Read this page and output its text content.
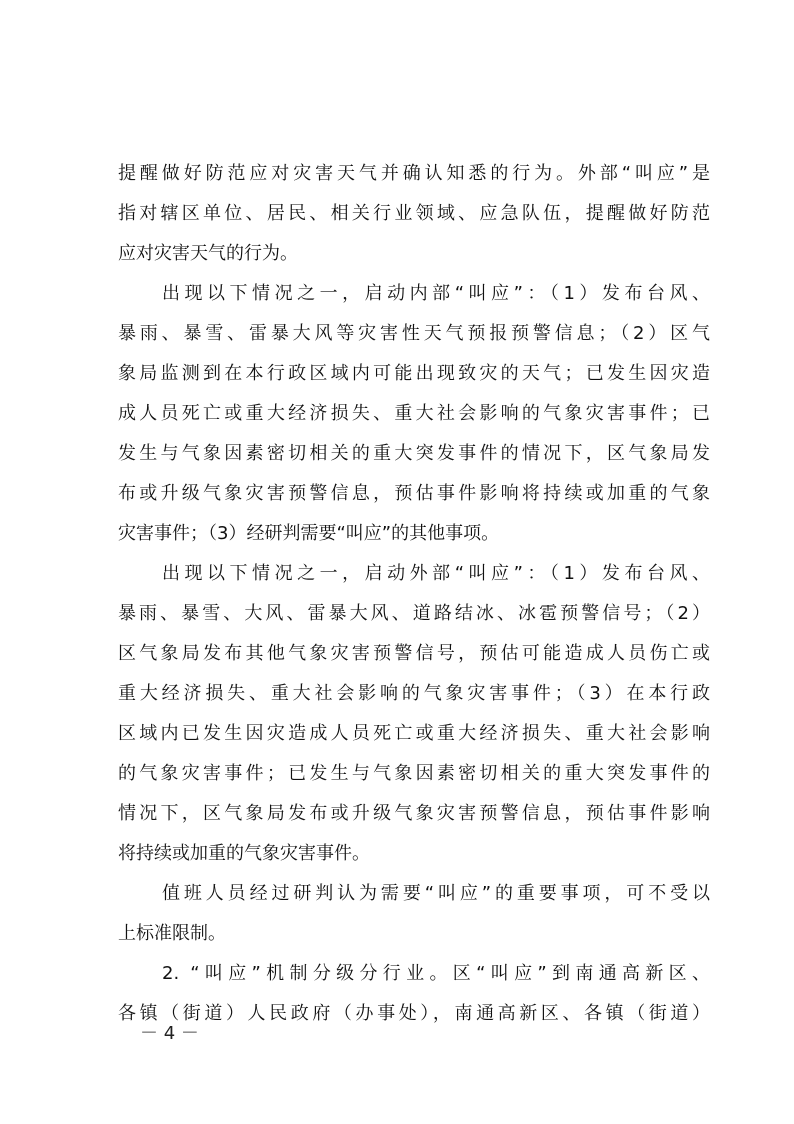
提醒做好防范应对灾害天气并确认知悉的行为。外部“叫应”是
指对辖区单位、居民、相关行业领域、应急队伍，提醒做好防范
应对灾害天气的行为。
出现以下情况之一，启动内部“叫应”：（1）发布台风、
暴雨、暴雪、雷暴大风等灾害性天气预报预警信息；（2）区气
象局监测到在本行政区域内可能出现致灾的天气；已发生因灾造
成人员死亡或重大经济损失、重大社会影响的气象灾害事件；已
发生与气象因素密切相关的重大突发事件的情况下，区气象局发
布或升级气象灾害预警信息，预估事件影响将持续或加重的气象
灾害事件；（3）经研判需要“叫应”的其他事项。
出现以下情况之一，启动外部“叫应”：（1）发布台风、
暴雨、暴雪、大风、雷暴大风、道路结冰、冰雹预警信号；（2）
区气象局发布其他气象灾害预警信号，预估可能造成人员伤亡或
重大经济损失、重大社会影响的气象灾害事件；（3）在本行政
区域内已发生因灾造成人员死亡或重大经济损失、重大社会影响
的气象灾害事件；已发生与气象因素密切相关的重大突发事件的
情况下，区气象局发布或升级气象灾害预警信息，预估事件影响
将持续或加重的气象灾害事件。
值班人员经过研判认为需要“叫应”的重要事项，可不受以
上标准限制。
2. “叫应”机制分级分行业。区“叫应”到南通高新区、
各镇（街道）人民政府（办事处），南通高新区、各镇（街道）
－ 4 －
